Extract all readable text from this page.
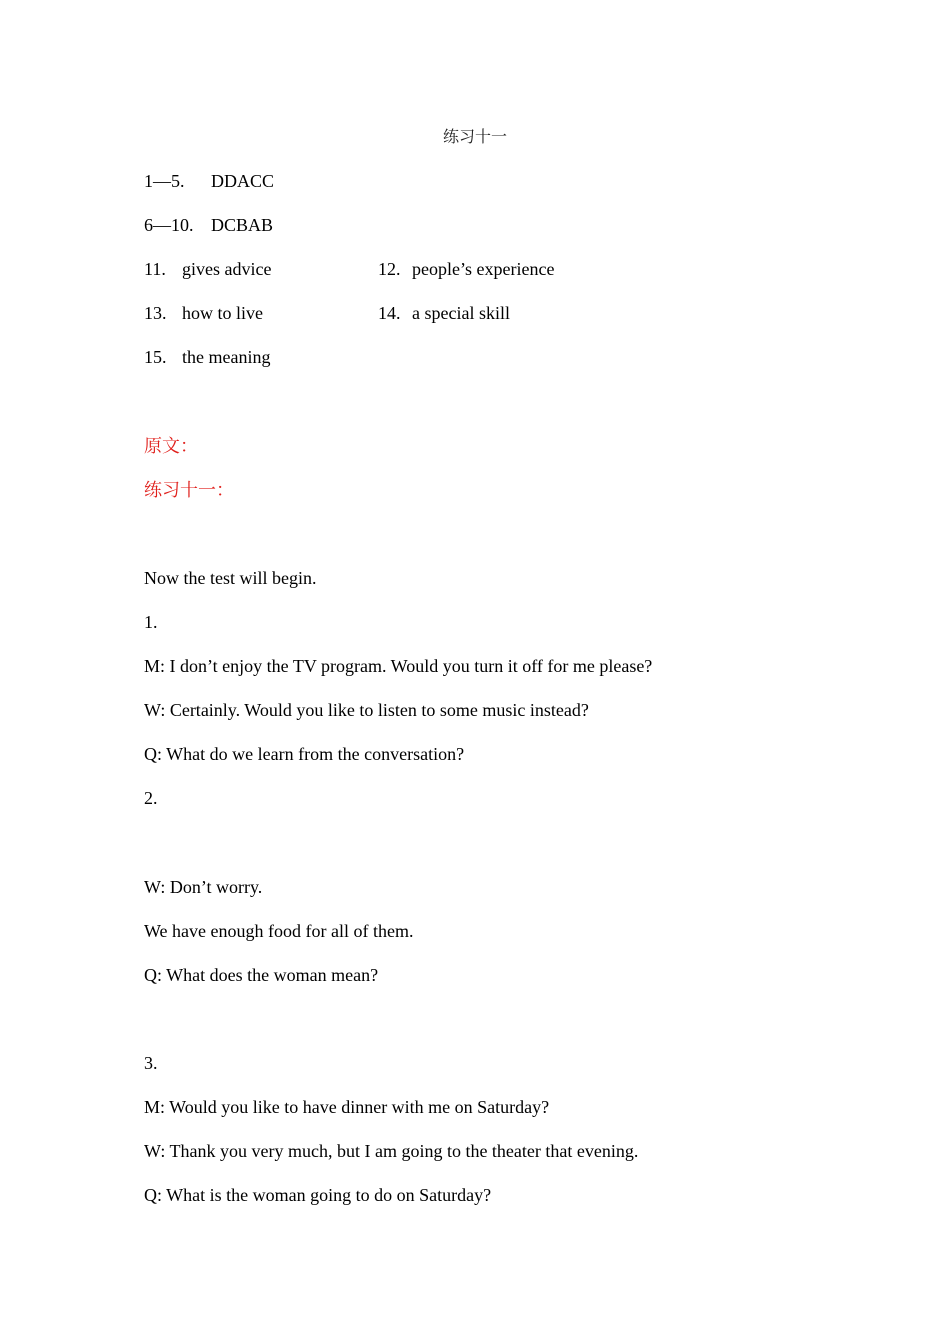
练习十一
1—5. DDACC
6—10. DCBAB
11. gives advice	12. people’s experience
13. how to live	14. a special skill
15. the meaning
原文：
练习十一：
Now the test will begin.
1.
M: I don’t enjoy the TV program. Would you turn it off for me please?
W: Certainly. Would you like to listen to some music instead?
Q: What do we learn from the conversation?
2.
W: Don’t worry.
We have enough food for all of them.
Q: What does the woman mean?
3.
M: Would you like to have dinner with me on Saturday?
W: Thank you very much, but I am going to the theater that evening.
Q: What is the woman going to do on Saturday?
